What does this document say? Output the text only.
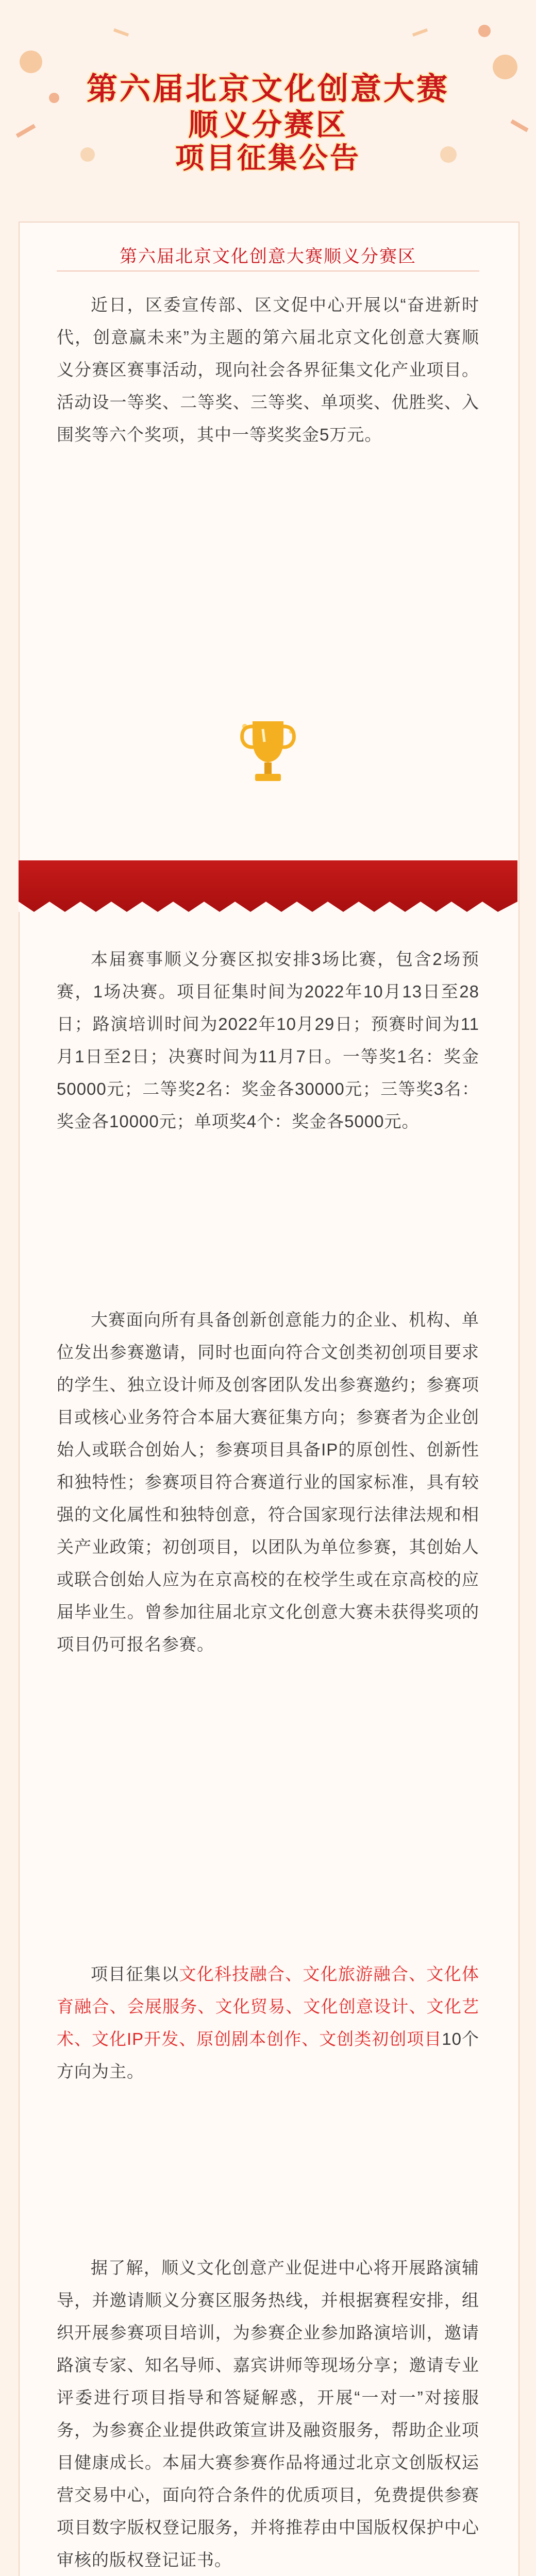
第六届北京文化创意大赛
顺义分赛区
项目征集公告
第六届北京文化创意大赛顺义分赛区

近日，区委宣传部、区文促中心开展以“奋进新时代，创意赢未来”为主题的第六届北京文化创意大赛顺义分赛区赛事活动，现向社会各界征集文化产业项目。活动设一等奖、二等奖、三等奖、单项奖、优胜奖、入围奖等六个奖项，其中一等奖奖金5万元。

本届赛事顺义分赛区拟安排3场比赛，包含2场预赛，1场决赛。项目征集时间为2022年10月13日至28日；路演培训时间为2022年10月29日；预赛时间为11月1日至2日；决赛时间为11月7日。一等奖1名：奖金50000元；二等奖2名：奖金各30000元；三等奖3名：奖金各10000元；单项奖4个：奖金各5000元。

大赛面向所有具备创新创意能力的企业、机构、单位发出参赛邀请，同时也面向符合文创类初创项目要求的学生、独立设计师及创客团队发出参赛邀约；参赛项目或核心业务符合本届大赛征集方向；参赛者为企业创始人或联合创始人；参赛项目具备IP的原创性、创新性和独特性；参赛项目符合赛道行业的国家标准，具有较强的文化属性和独特创意，符合国家现行法律法规和相关产业政策；初创项目，以团队为单位参赛，其创始人或联合创始人应为在京高校的在校学生或在京高校的应届毕业生。曾参加往届北京文化创意大赛未获得奖项的项目仍可报名参赛。

项目征集以文化科技融合、文化旅游融合、文化体育融合、会展服务、文化贸易、文化创意设计、文化艺术、文化IP开发、原创剧本创作、文创类初创项目10个方向为主。

据了解，顺义文化创意产业促进中心将开展路演辅导，并邀请顺义分赛区服务热线，并根据赛程安排，组织开展参赛项目培训，为参赛企业参加路演培训，邀请路演专家、知名导师、嘉宾讲师等现场分享；邀请专业评委进行项目指导和答疑解惑，开展“一对一”对接服务，为参赛企业提供政策宣讲及融资服务，帮助企业项目健康成长。本届大赛参赛作品将通过北京文创版权运营交易中心，面向符合条件的优质项目，免费提供参赛项目数字版权登记服务，并将推荐由中国版权保护中心审核的版权登记证书。
